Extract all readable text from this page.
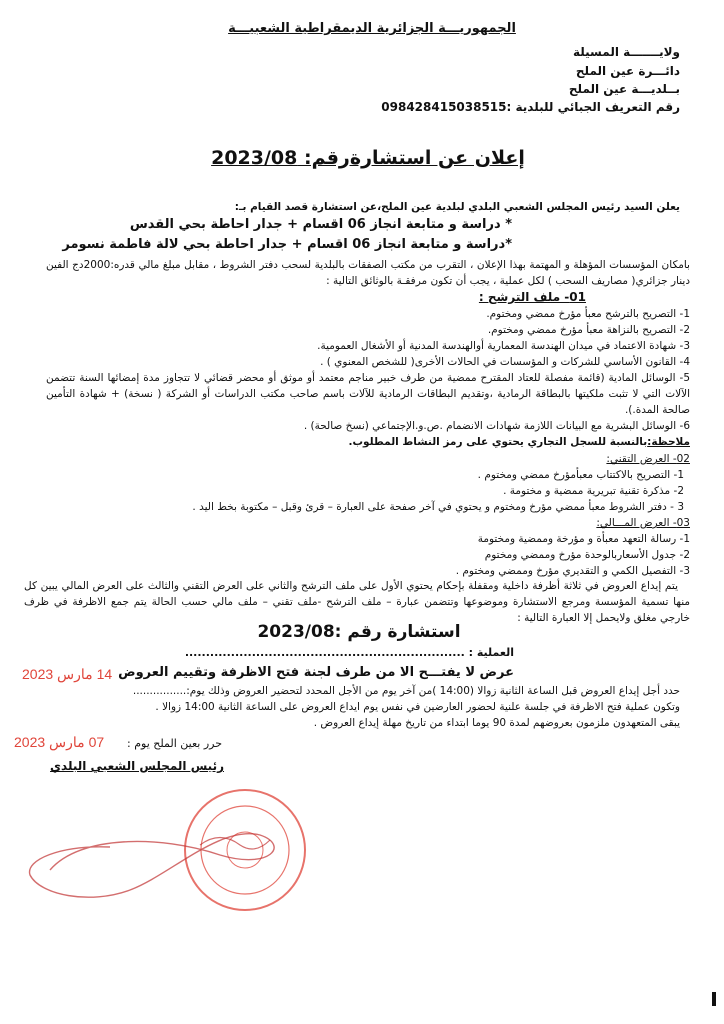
الجمهوريـــة الجزائرية الديمقراطية الشعبيـــة
ولايـــــــة المسيلة
دائـــرة عين الملح
بــلديـــة عين الملح
رقم التعريف الجبائي للبلدية :098428415038515
إعلان عن استشارةرقم: 2023/08
يعلن السيد رئيس المجلس الشعبي البلدي لبلدية عين الملح،عن استشارة قصد القيام بـ:
* دراسة و متابعة انجاز 06 اقسام + جدار احاطة بحي القدس
*دراسة و متابعة انجاز 06 اقسام + جدار احاطة بحي لالة فاطمة نسومر
بامكان المؤسسات المؤهلة و المهتمة بهذا الإعلان ، التقرب من مكتب الصفقات بالبلدية لسحب دفتر الشروط ، مقابل مبلغ مالي قدره:2000دج الفين دينار جزائري( مصاريف السحب ) لكل عملية ، يجب أن تكون مرفقـة بالوثائق التالية :
01- ملف الترشح :
1- التصريح بالترشح معبأ مؤرخ ممضي ومختوم.
2- التصريح بالنزاهة معبأ مؤرخ ممضي ومختوم.
3- شهادة الاعتماد في ميدان الهندسة المعمارية أوالهندسة المدنية أو الأشغال العمومية.
4- القانون الأساسي للشركات و المؤسسات في الحالات الأخرى( للشخص المعنوي ) .
5- الوسائل المادية (قائمة مفصلة للعتاد المقترح ممضية من طرف خبير مناجم معتمد أو موثق أو محضر قضائي لا تتجاوز مدة إمضائها السنة تتضمن الآلات التي لا تثبت ملكيتها بالبطاقة الرمادية ،وتقديم البطاقات الرمادية للآلات باسم صاحب مكتب الدراسات أو الشركة ( نسخة) + شهادة التأمين صالحة المدة.).
6- الوسائل البشرية مع البيانات اللازمة شهادات الانضمام .ص.و.الإجتماعي (نسخ صالحة) .
ملاحظة:بالنسبة للسجل التجاري يحتوي على رمز النشاط المطلوب.
02- العرض التقني:
1- التصريح بالاكتتاب معبأمؤرخ ممضي ومختوم .
2- مذكرة تقنية تبريرية ممضية و مختومة .
3 - دفتر الشروط معبأ ممضي مؤرخ ومختوم و يحتوي في آخر صفحة على العبارة – قرئ وقبل – مكتوبة بخط اليد .
03- العرض المـــالي:
1- رسالة التعهد معبأة و مؤرخة وممضية ومختومة
2- جدول الأسعاربالوحدة مؤرخ وممضي ومختوم
3- التفصيل الكمي و التقديري مؤرخ وممضي ومختوم .
يتم إيداع العروض في ثلاثة أظرفة داخلية ومقفلة بإحكام يحتوي الأول على ملف الترشح والثاني على العرض التقني والثالث على العرض المالي يبين كل منها تسمية المؤسسة ومرجع الاستشارة وموضوعها وتتضمن عبارة – ملف الترشح -ملف تقني – ملف مالي حسب الحالة يتم جمع الاظرفة في ظرف خارجي مغلق ولايحمل إلا العبارة التالية :
استشارة رقم :2023/08
العملية : ...................................................................
عرض لا يفتـــح الا من طرف لجنة فتح الاظرفة وتقييم العروض
14 مارس 2023
حدد أجل إيداع العروض قبل الساعة الثانية زوالا (14:00 )من آخر يوم من الأجل المحدد لتحضير العروض وذلك يوم:................
وتكون عملية فتح الاظرفة في جلسة علنية لحضور العارضين في نفس يوم ايداع العروض على الساعة الثانية 14:00 زوالا .
يبقى المتعهدون ملزمون بعروضهم لمدة 90 يوما ابتداء من تاريخ مهلة إيداع العروض .
حرر بعين الملح يوم :
07 مارس 2023
رئيس المجلس الشعبي البلدي
